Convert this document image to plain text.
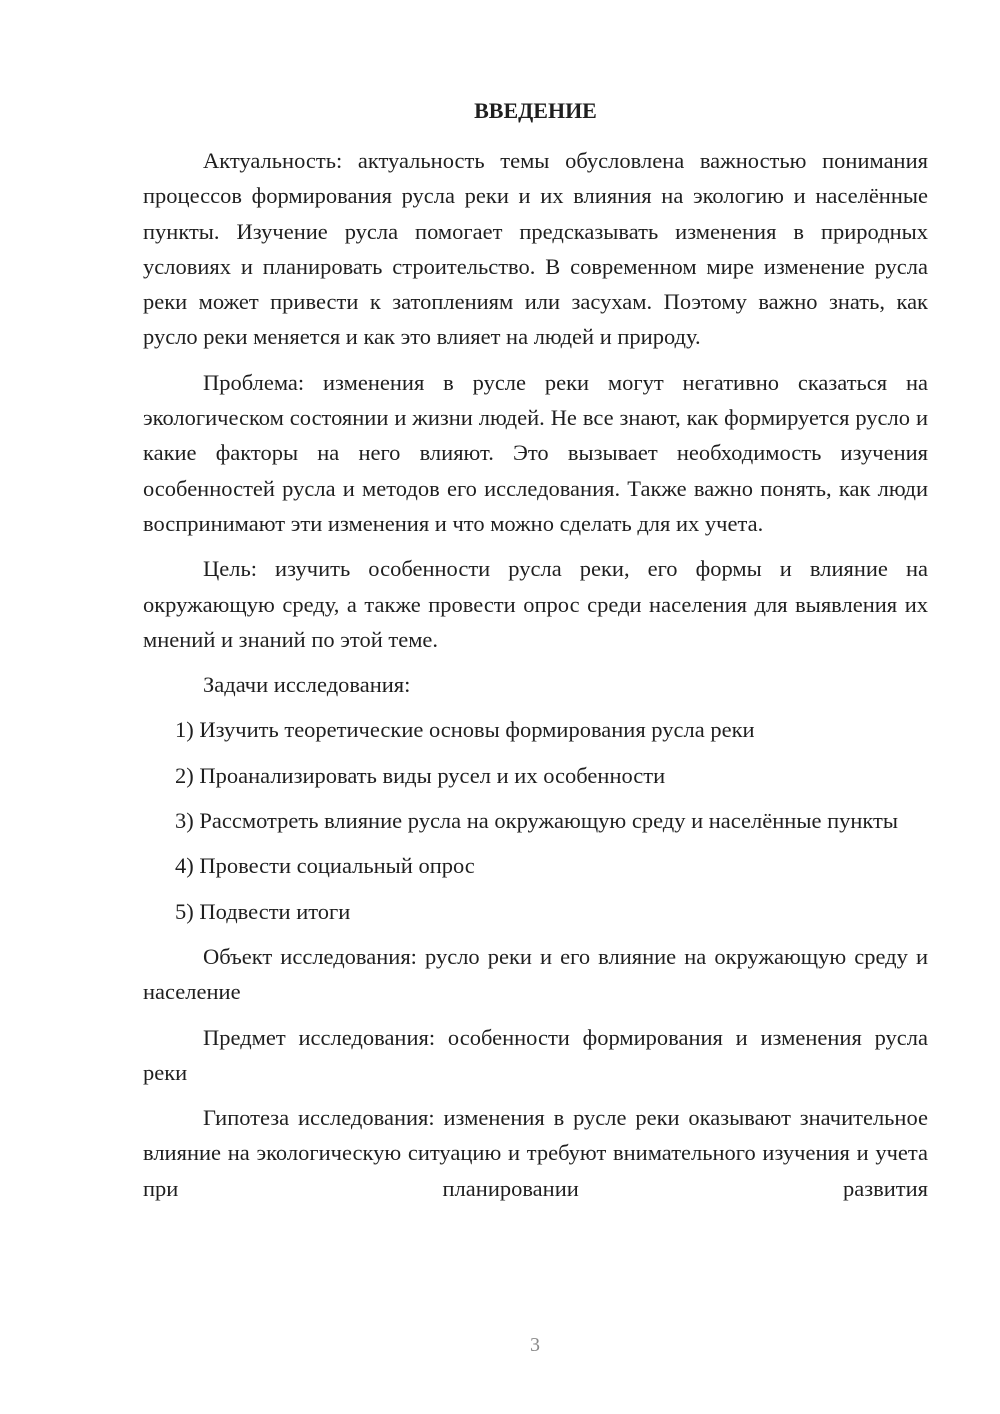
ВВЕДЕНИЕ

Актуальность: актуальность темы обусловлена важностью понимания процессов формирования русла реки и их влияния на экологию и населённые пункты. Изучение русла помогает предсказывать изменения в природных условиях и планировать строительство. В современном мире изменение русла реки может привести к затоплениям или засухам. Поэтому важно знать, как русло реки меняется и как это влияет на людей и природу.

Проблема: изменения в русле реки могут негативно сказаться на экологическом состоянии и жизни людей. Не все знают, как формируется русло и какие факторы на него влияют. Это вызывает необходимость изучения особенностей русла и методов его исследования. Также важно понять, как люди воспринимают эти изменения и что можно сделать для их учета.

Цель: изучить особенности русла реки, его формы и влияние на окружающую среду, а также провести опрос среди населения для выявления их мнений и знаний по этой теме.

Задачи исследования:

1) Изучить теоретические основы формирования русла реки

2) Проанализировать виды русел и их особенности

3) Рассмотреть влияние русла на окружающую среду и населённые пункты

4) Провести социальный опрос

5) Подвести итоги

Объект исследования: русло реки и его влияние на окружающую среду и население

Предмет исследования: особенности формирования и изменения русла реки

Гипотеза исследования: изменения в русле реки оказывают значительное влияние на экологическую ситуацию и требуют внимательного изучения и учета при планировании развития

3
